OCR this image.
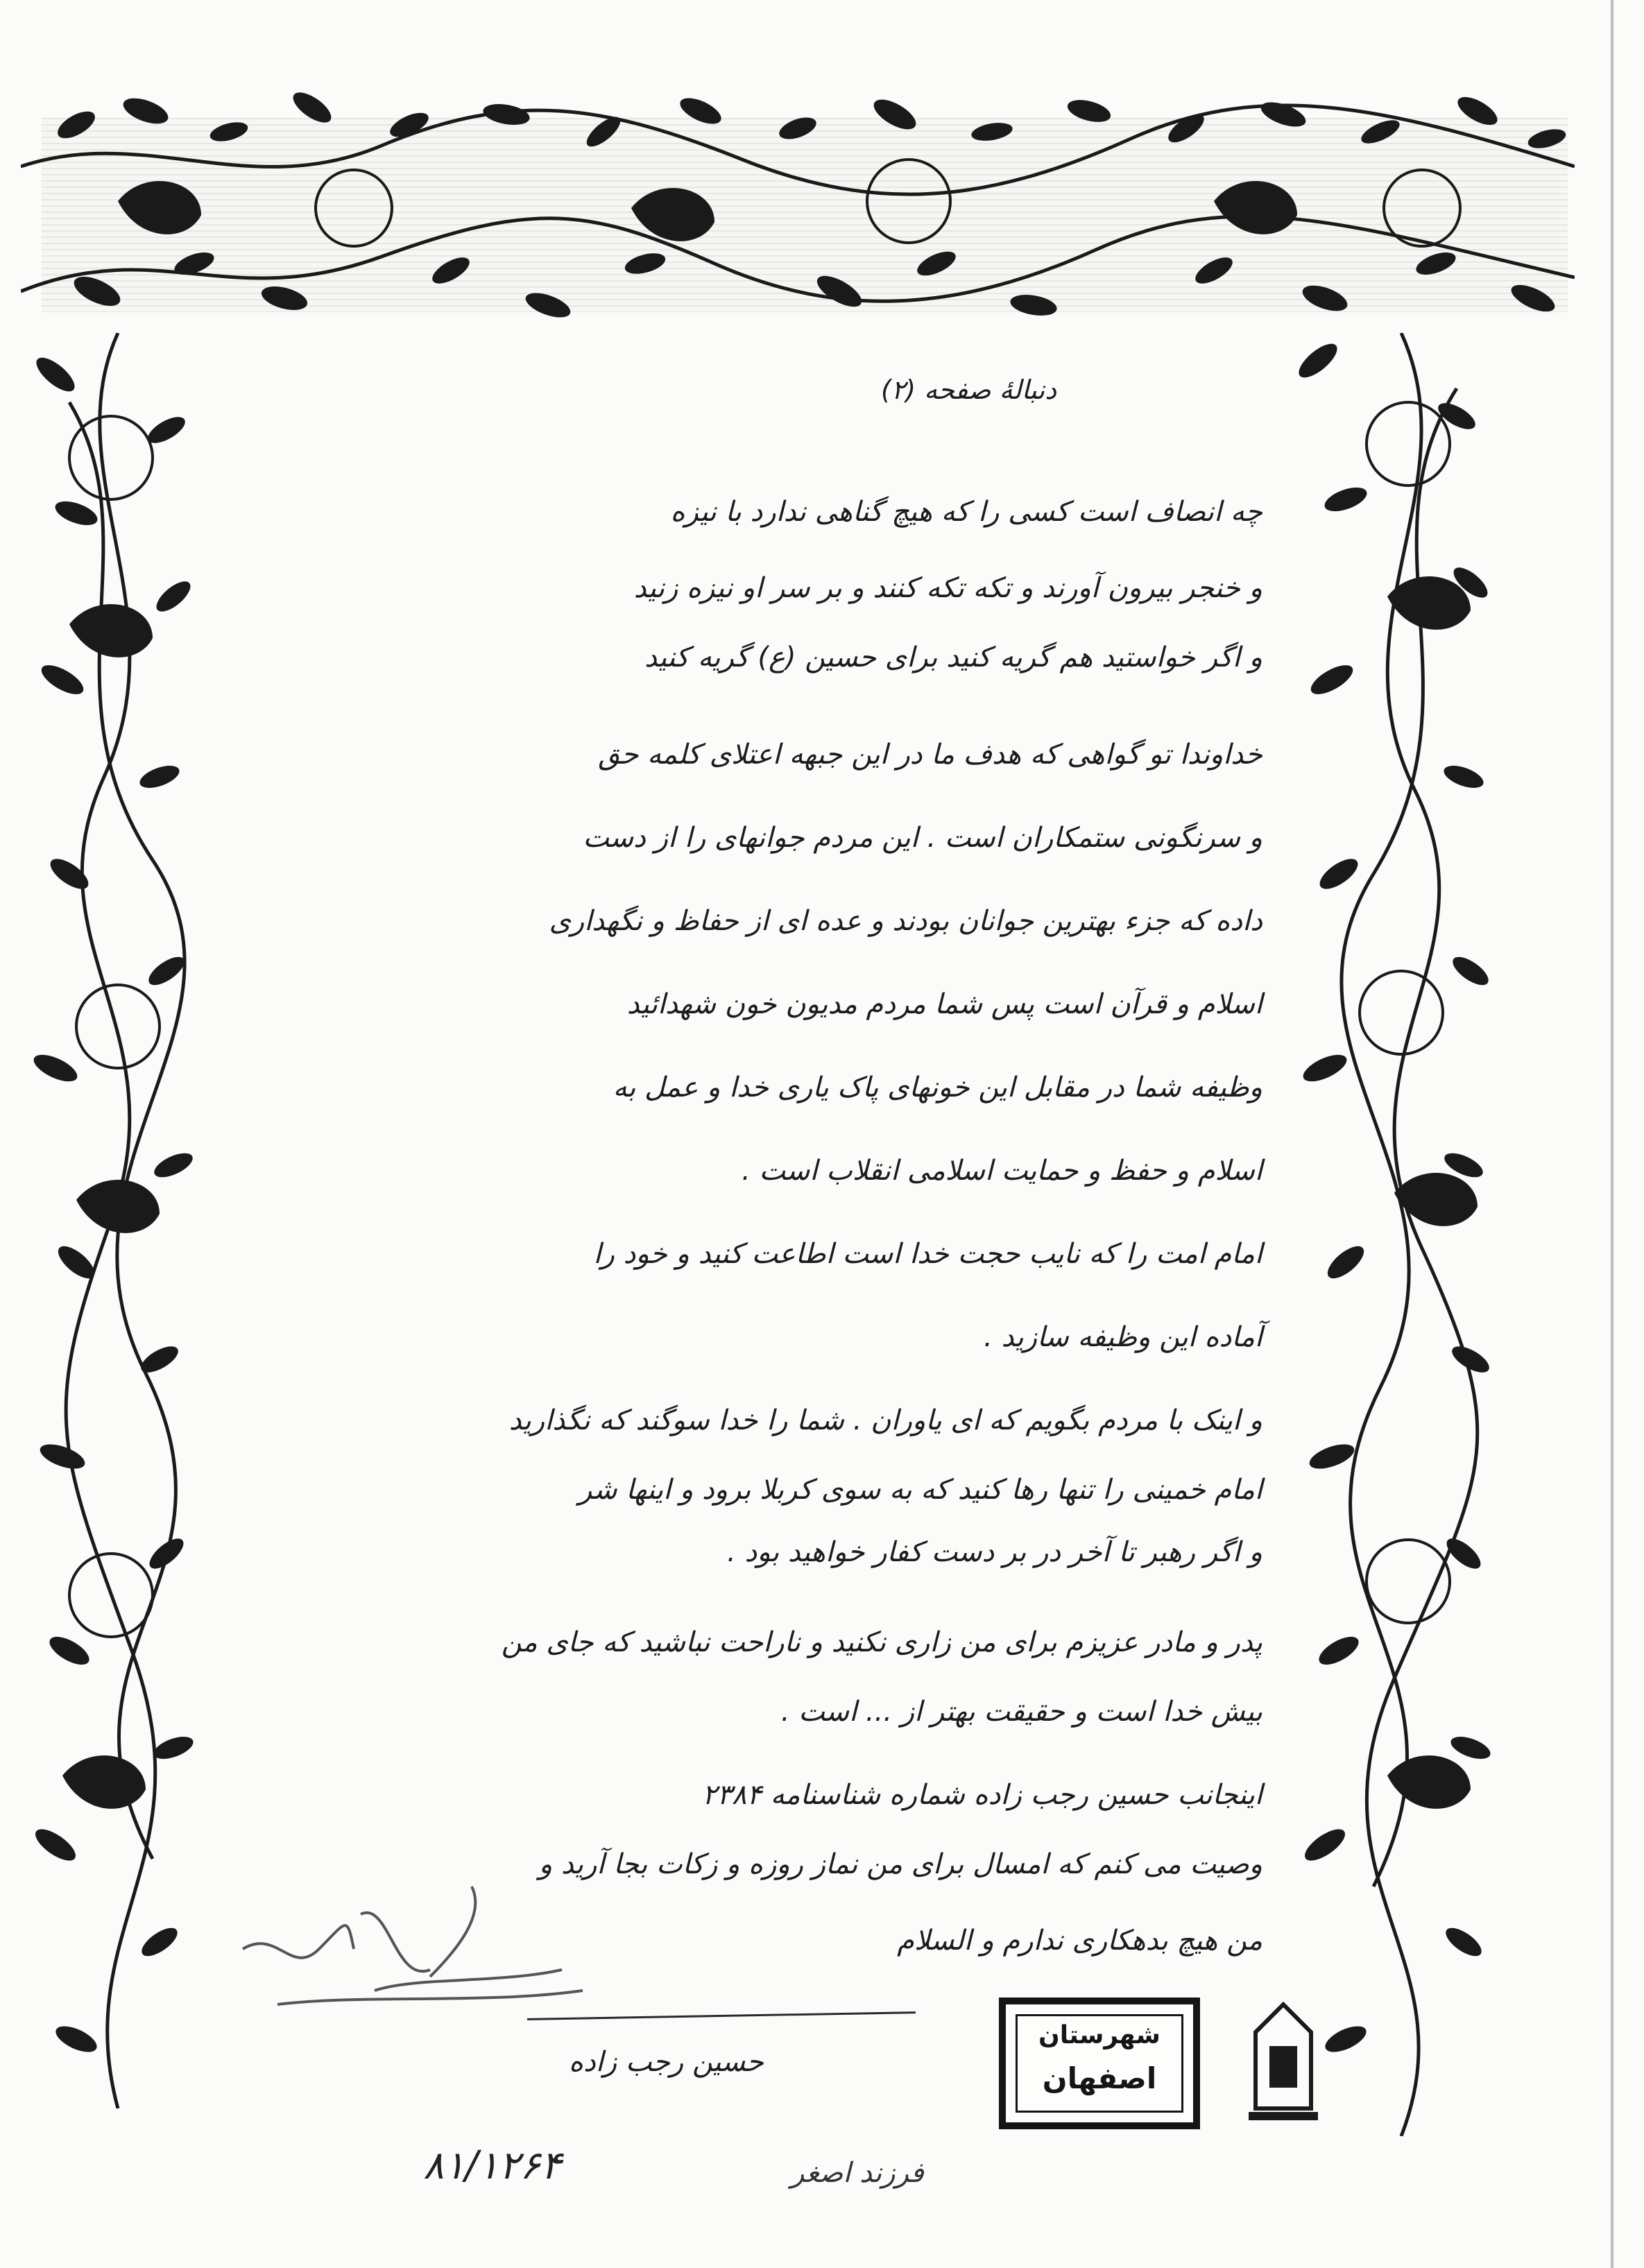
دنبالهٔ صفحه (۲)
چه انصاف است کسی را که هیچ گناهی ندارد با نیزه
و خنجر بیرون آورند و تکه تکه کنند و بر سر او نیزه زنید
و اگر خواستید هم گریه کنید برای حسین (ع) گریه کنید
خداوندا تو گواهی که هدف ما در این جبهه اعتلای کلمه حق
و سرنگونی ستمکاران است . این مردم جوانهای را از دست
داده که جزء بهترین جوانان بودند و عده ای از حفاظ و نگهداری
اسلام و قرآن است پس شما مردم مدیون خون شهدائید
وظیفه شما در مقابل این خونهای پاک یاری خدا و عمل به
اسلام و حفظ و حمایت اسلامی انقلاب است .
امام امت را که نایب حجت خدا است اطاعت کنید و خود را
آماده این وظیفه سازید .
و اینک با مردم بگویم که ای یاوران . شما را خدا سوگند که نگذارید
امام خمینی را تنها رها کنید که به سوی کربلا برود و اینها شر
و اگر رهبر تا آخر در بر دست کفار خواهید بود .
پدر و مادر عزیزم برای من زاری نکنید و ناراحت نباشید که جای من
بیش خدا است و حقیقت بهتر از ... است .
اینجانب حسین رجب زاده شماره شناسنامه ۲۳۸۴
وصیت می کنم که امسال برای من نماز روزه و زکات بجا آرید و
من هیچ بدهکاری ندارم و السلام
حسین رجب زاده
۸۱/۱۲۶۴	فرزند اصغر
شهرستان
اصفهان
